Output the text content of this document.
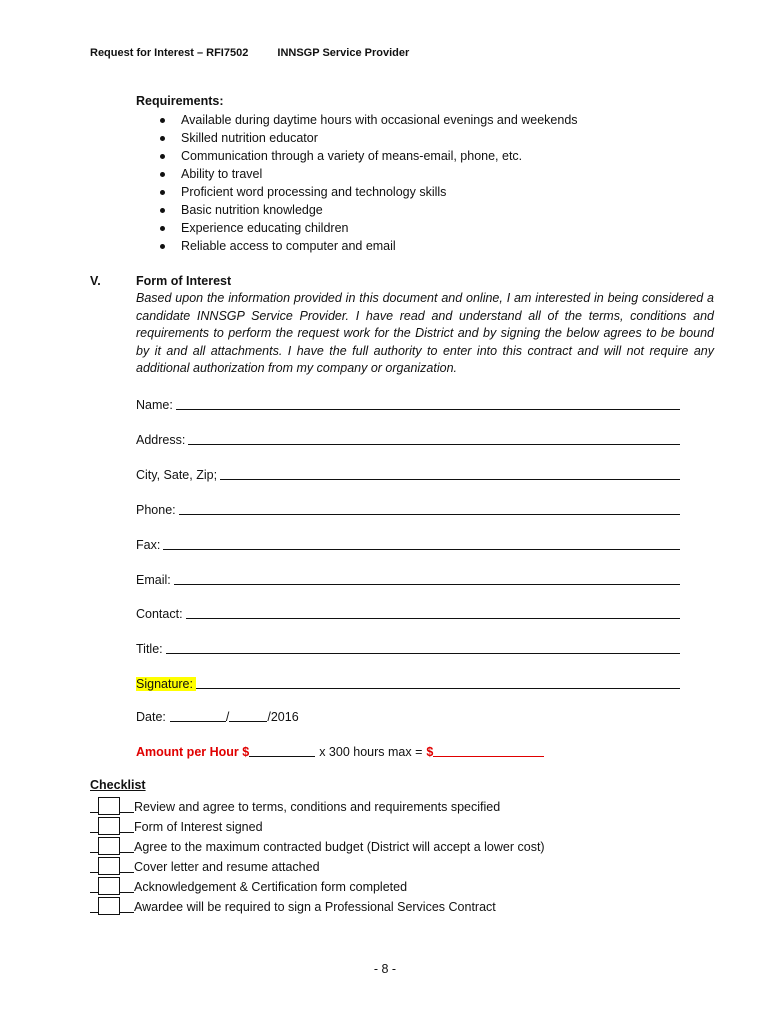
Request for Interest – RFI7502	INNSGP Service Provider
Requirements:
Available during daytime hours with occasional evenings and weekends
Skilled nutrition educator
Communication through a variety of means-email, phone, etc.
Ability to travel
Proficient word processing and technology skills
Basic nutrition knowledge
Experience educating children
Reliable access to computer and email
V.	Form of Interest

Based upon the information provided in this document and online, I am interested in being considered a candidate INNSGP Service Provider. I have read and understand all of the terms, conditions and requirements to perform the request work for the District and by signing the below agrees to be bound by it and all attachments. I have the full authority to enter into this contract and will not require any additional authorization from my company or organization.

Name:
Address:
City, Sate, Zip;
Phone:
Fax:
Email:
Contact:
Title:
Signature:
Date:	/	/2016
Amount per Hour $	x 300 hours max = $
Checklist
Review and agree to terms, conditions and requirements specified
Form of Interest signed
Agree to the maximum contracted budget (District will accept a lower cost)
Cover letter and resume attached
Acknowledgement & Certification form completed
Awardee will be required to sign a Professional Services Contract
- 8 -
